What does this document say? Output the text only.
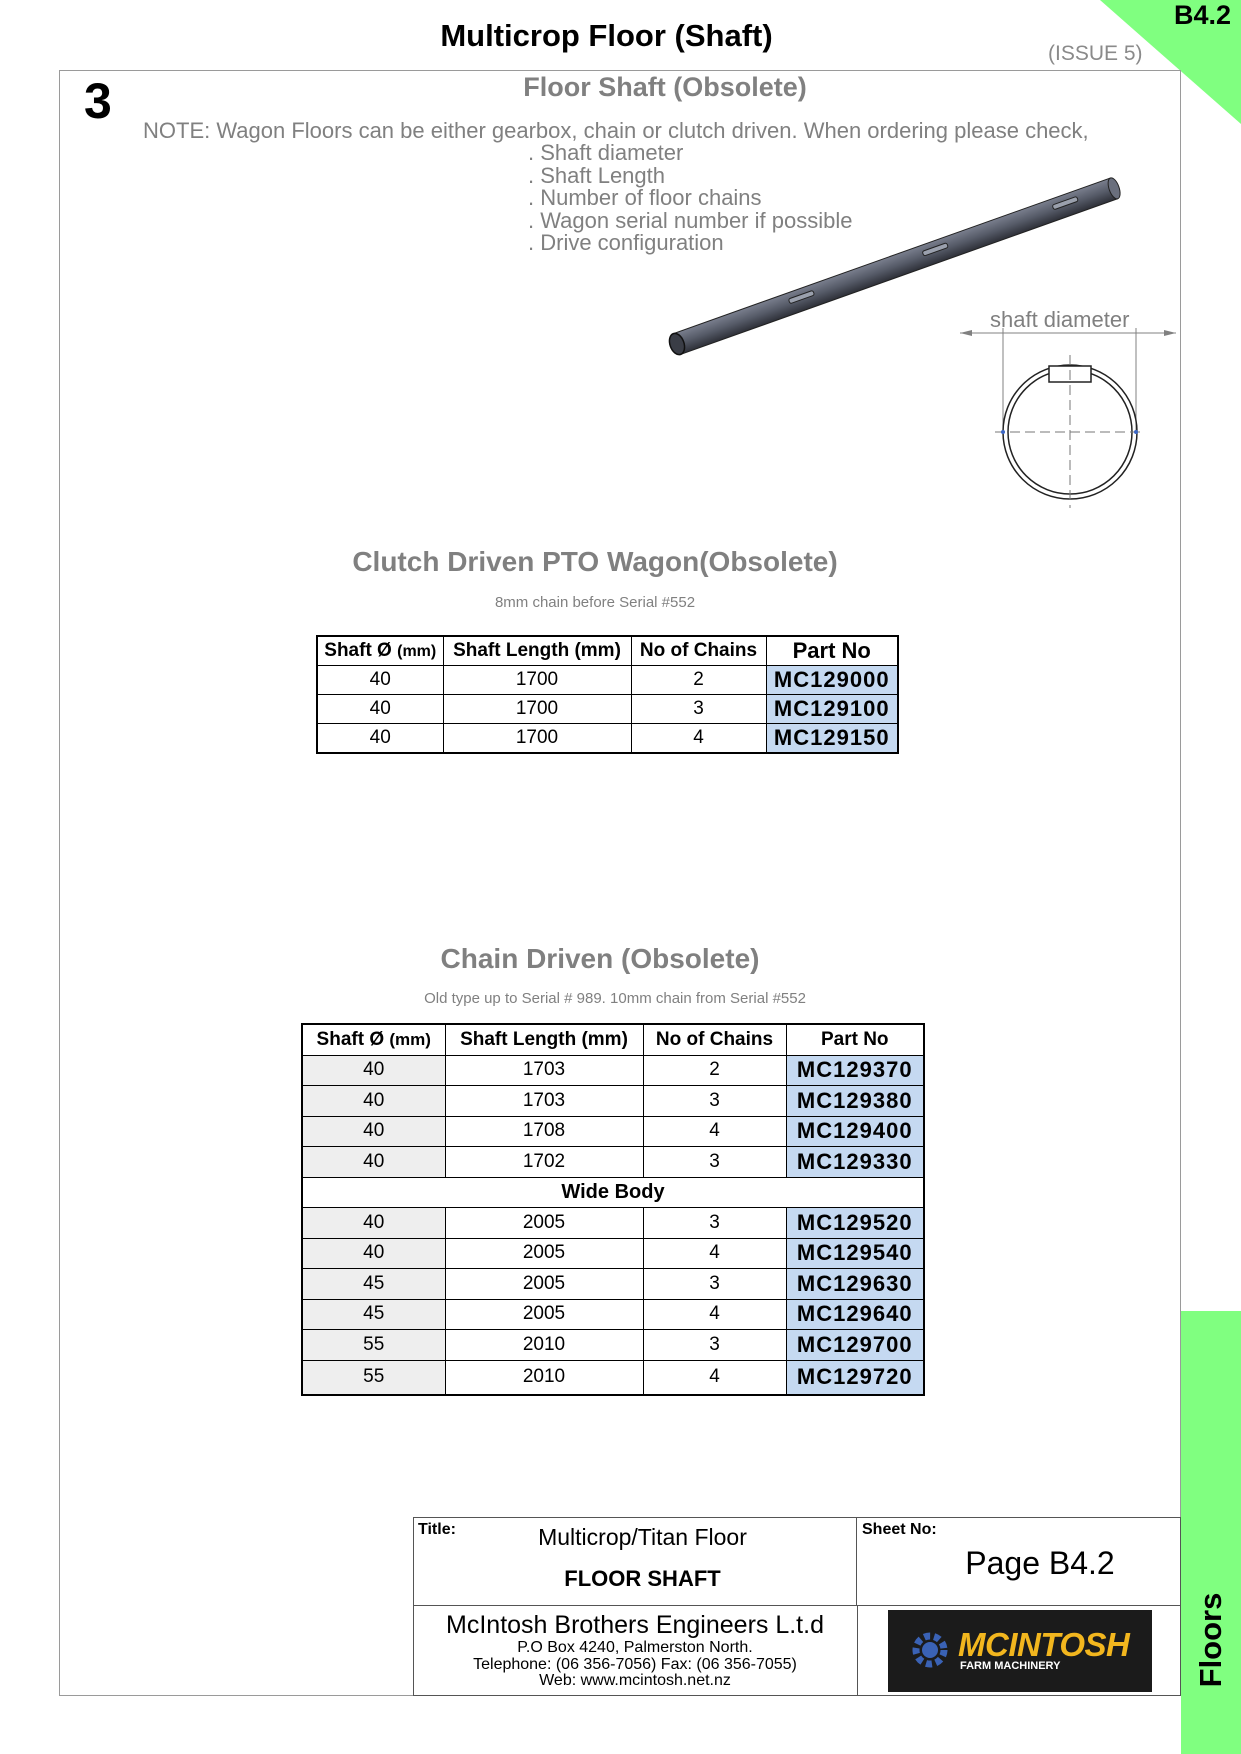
Multicrop Floor (Shaft)
(ISSUE 5)
B4.2
3	Floor Shaft (Obsolete)
NOTE: Wagon Floors can be either gearbox, chain or clutch driven. When ordering please check,
. Shaft diameter
. Shaft Length
. Number of floor chains
. Wagon serial number if possible
. Drive configuration
shaft diameter
Clutch Driven PTO Wagon(Obsolete)
8mm chain before Serial #552
Shaft Ø (mm)	Shaft Length (mm)	No of Chains	Part No
40	1700	2	MC129000
40	1700	3	MC129100
40	1700	4	MC129150
Chain Driven (Obsolete)
Old type up to Serial # 989. 10mm chain from Serial #552
Shaft Ø (mm)	Shaft Length (mm)	No of Chains	Part No
40	1703	2	MC129370
40	1703	3	MC129380
40	1708	4	MC129400
40	1702	3	MC129330
Wide Body			
40	2005	3	MC129520
40	2005	4	MC129540
45	2005	3	MC129630
45	2005	4	MC129640
55	2010	3	MC129700
55	2010	4	MC129720
Title:	Multicrop/Titan Floor
FLOOR SHAFT
Sheet No:
Page B4.2
McIntosh Brothers Engineers L.t.d
P.O Box 4240, Palmerston North.
Telephone: (06 356-7056) Fax: (06 356-7055)
Web: www.mcintosh.net.nz
MCINTOSH
FARM MACHINERY	Floors
